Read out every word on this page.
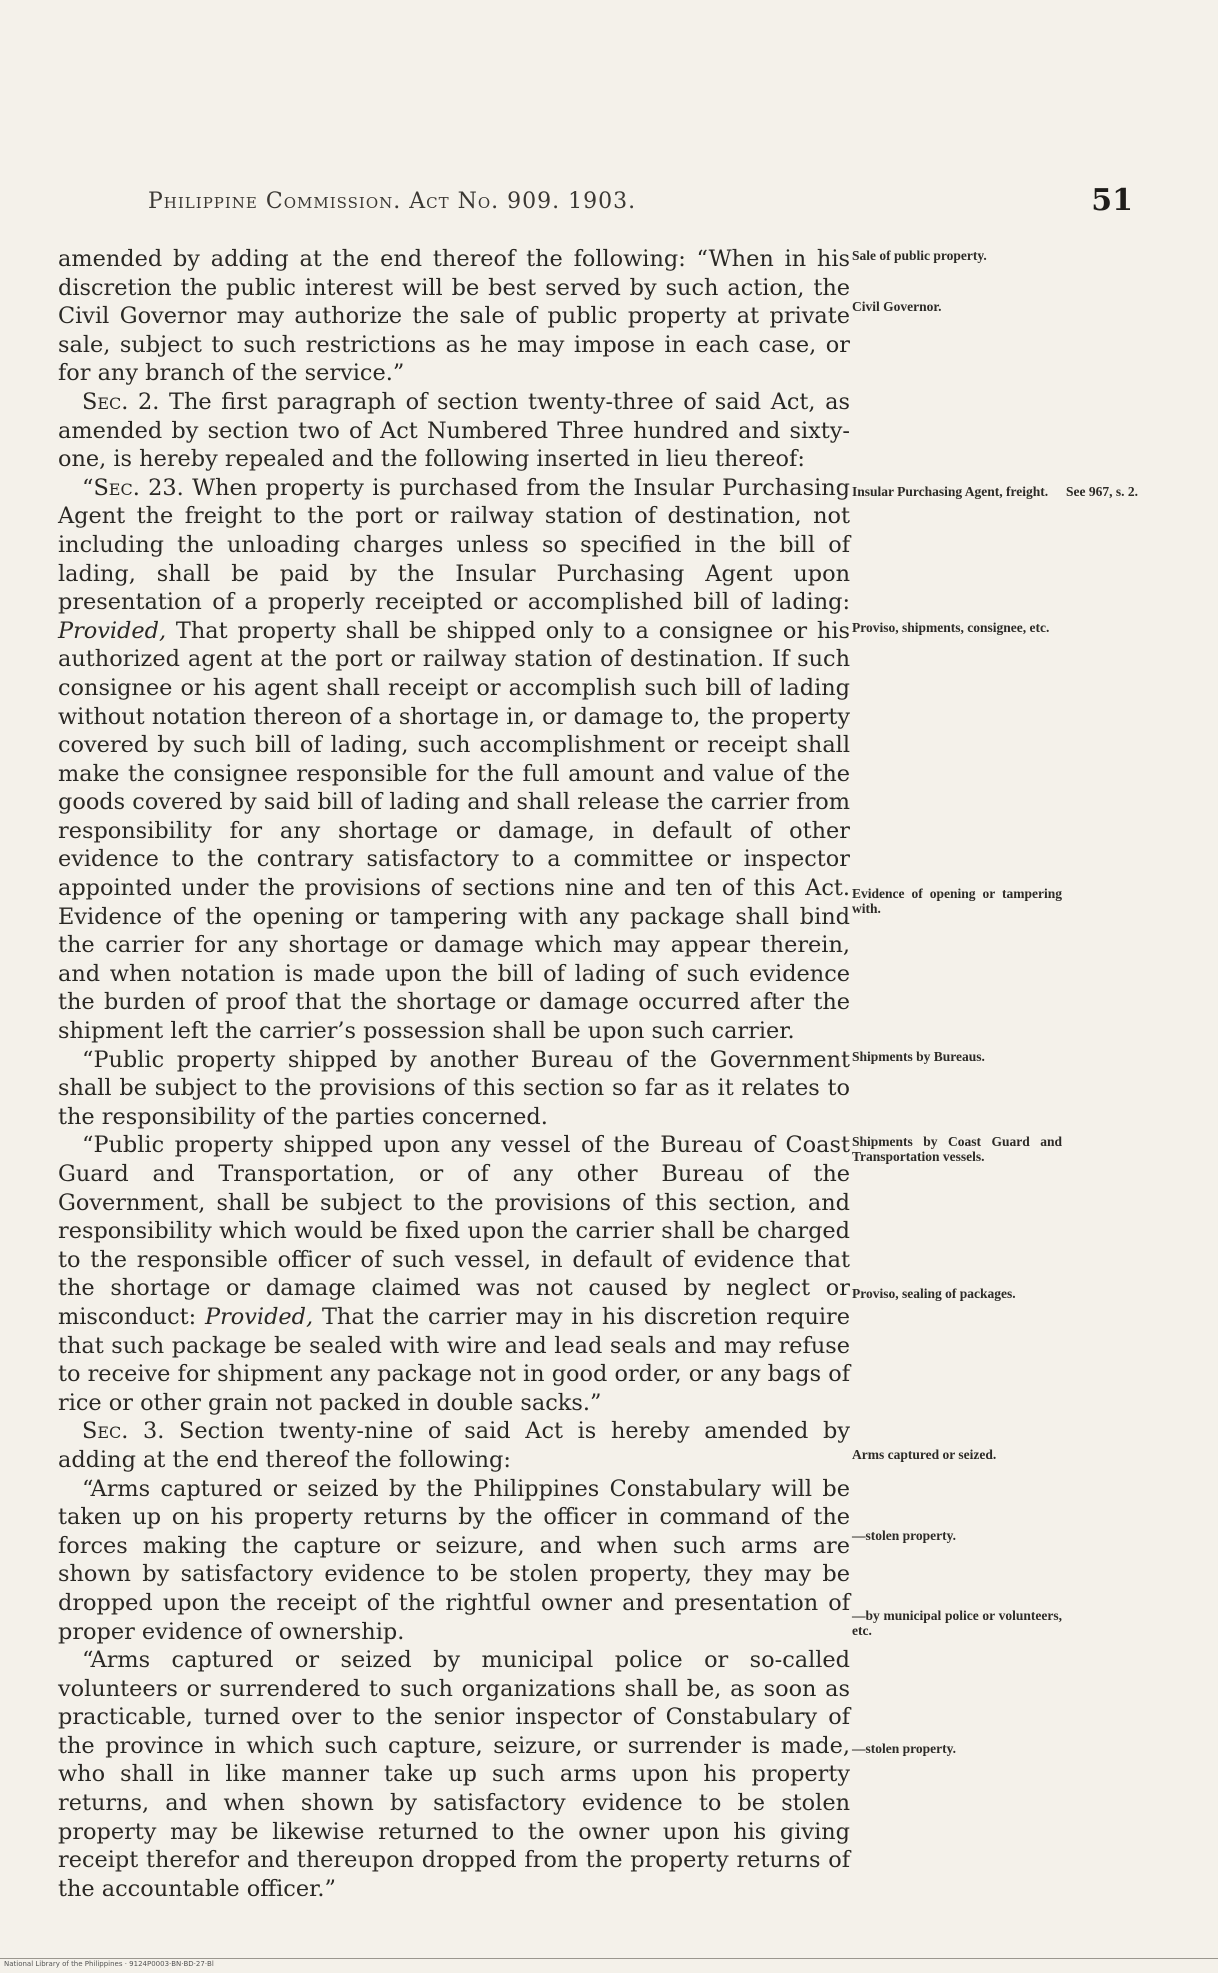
Philippine Commission. Act No. 909. 1903.	51

amended by adding at the end thereof the following: “When in his discretion the public interest will be best served by such action, the Civil Governor may authorize the sale of public property at private sale, subject to such restrictions as he may impose in each case, or for any branch of the service.”

Sec. 2. The first paragraph of section twenty-three of said Act, as amended by section two of Act Numbered Three hundred and sixty-one, is hereby repealed and the following inserted in lieu thereof:

“Sec. 23. When property is purchased from the Insular Purchasing Agent the freight to the port or railway station of destination, not including the unloading charges unless so specified in the bill of lading, shall be paid by the Insular Purchasing Agent upon presentation of a properly receipted or accomplished bill of lading: Provided, That property shall be shipped only to a consignee or his authorized agent at the port or railway station of destination. If such consignee or his agent shall receipt or accomplish such bill of lading without notation thereon of a shortage in, or damage to, the property covered by such bill of lading, such accomplishment or receipt shall make the consignee responsible for the full amount and value of the goods covered by said bill of lading and shall release the carrier from responsibility for any shortage or damage, in default of other evidence to the contrary satisfactory to a committee or inspector appointed under the provisions of sections nine and ten of this Act. Evidence of the opening or tampering with any package shall bind the carrier for any shortage or damage which may appear therein, and when notation is made upon the bill of lading of such evidence the burden of proof that the shortage or damage occurred after the shipment left the carrier’s possession shall be upon such carrier.

“Public property shipped by another Bureau of the Government shall be subject to the provisions of this section so far as it relates to the responsibility of the parties concerned.

“Public property shipped upon any vessel of the Bureau of Coast Guard and Transportation, or of any other Bureau of the Government, shall be subject to the provisions of this section, and responsibility which would be fixed upon the carrier shall be charged to the responsible officer of such vessel, in default of evidence that the shortage or damage claimed was not caused by neglect or misconduct: Provided, That the carrier may in his discretion require that such package be sealed with wire and lead seals and may refuse to receive for shipment any package not in good order, or any bags of rice or other grain not packed in double sacks.”

Sec. 3. Section twenty-nine of said Act is hereby amended by adding at the end thereof the following:

“Arms captured or seized by the Philippines Constabulary will be taken up on his property returns by the officer in command of the forces making the capture or seizure, and when such arms are shown by satisfactory evidence to be stolen property, they may be dropped upon the receipt of the rightful owner and presentation of proper evidence of ownership.

“Arms captured or seized by municipal police or so-called volunteers or surrendered to such organizations shall be, as soon as practicable, turned over to the senior inspector of Constabulary of the province in which such capture, seizure, or surrender is made, who shall in like manner take up such arms upon his property returns, and when shown by satisfactory evidence to be stolen property may be likewise returned to the owner upon his giving receipt therefor and thereupon dropped from the property returns of the accountable officer.”

Sale of public property.
Civil Governor.
Insular Purchasing Agent, freight.	See 967, s. 2.
Proviso, shipments, consignee, etc.
Evidence of opening or tampering with.
Shipments by Bureaus.
Shipments by Coast Guard and Transportation vessels.
Proviso, sealing of packages.
Arms captured or seized.
—stolen property.
—by municipal police or volunteers, etc.
—stolen property.
National Library of the Philippines · 9124P0003·BN·BD·27·Bl
